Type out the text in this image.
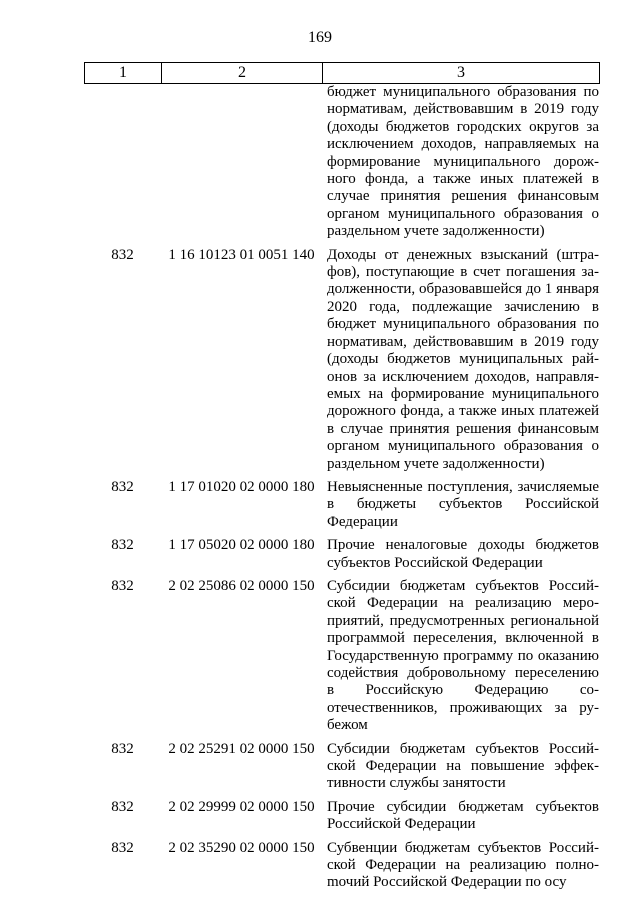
169
1	2	3
бюджет муниципального образования по нормативам, действовавшим в 2019 году (доходы бюджетов городских округов за исключением доходов, направляемых на формирование муниципального дорожного фонда, а также иных платежей в случае принятия решения финансовым органом муниципального образования о раздельном учете задолженности)
832	1 16 10123 01 0051 140 Доходы от денежных взысканий (штрафов), поступающие в счет погашения задолженности, образовавшейся до 1 января 2020 года, подлежащие зачислению в бюджет муниципального образования по нормативам, действовавшим в 2019 году (доходы бюджетов муниципальных районов за исключением доходов, направляемых на формирование муниципального дорожного фонда, а также иных платежей в случае принятия решения финансовым органом муниципального образования о раздельном учете задолженности)
832	1 17 01020 02 0000 180 Невыясненные поступления, зачисляемые в бюджеты субъектов Российской Федерации
832	1 17 05020 02 0000 180 Прочие неналоговые доходы бюджетов субъектов Российской Федерации
832	2 02 25086 02 0000 150 Субсидии бюджетам субъектов Российской Федерации на реализацию мероприятий, предусмотренных региональной программой переселения, включенной в Государственную программу по оказанию содействия добровольному переселению в Российскую Федерацию соотечественников, проживающих за рубежом
832	2 02 25291 02 0000 150 Субсидии бюджетам субъектов Российской Федерации на повышение эффективности службы занятости
832	2 02 29999 02 0000 150 Прочие субсидии бюджетам субъектов Российской Федерации
832	2 02 35290 02 0000 150 Субвенции бюджетам субъектов Российской Федерации на реализацию полноmочий Российской Федерации по осу
